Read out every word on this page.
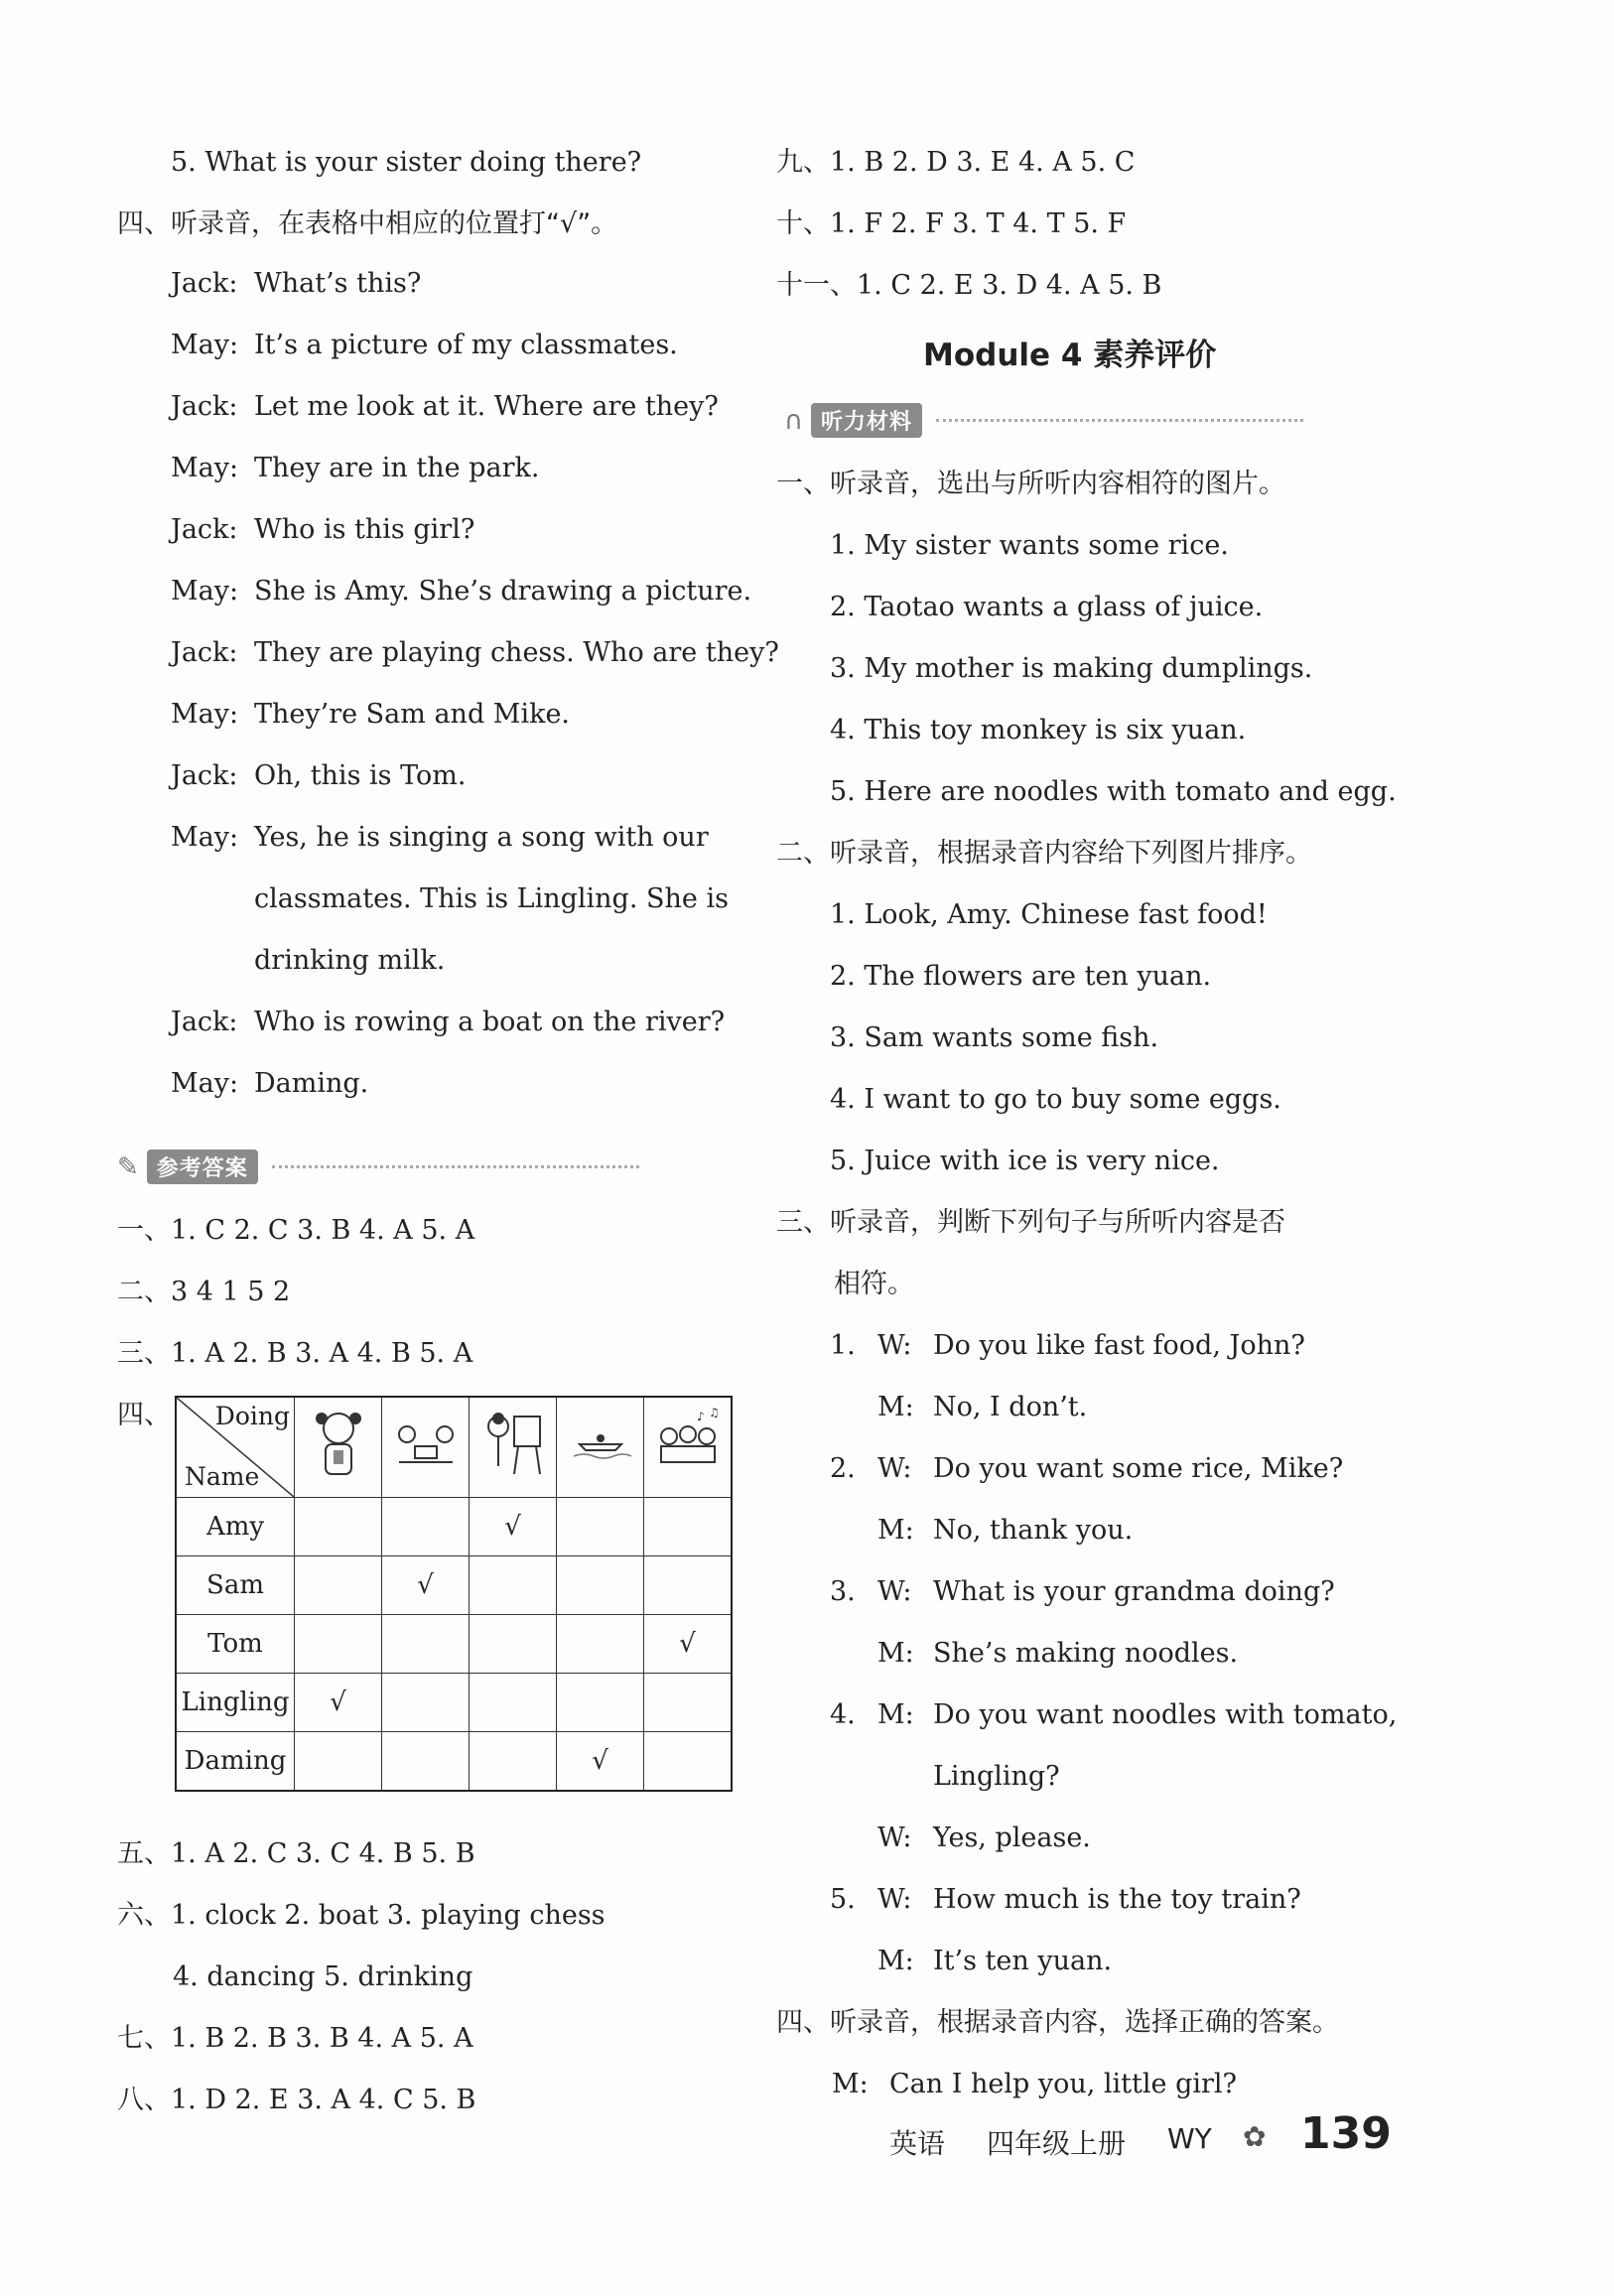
5. What is your sister doing there?
四、听录音，在表格中相应的位置打“√”。
Jack: What’s this?
May: It’s a picture of my classmates.
Jack: Let me look at it. Where are they?
May: They are in the park.
Jack: Who is this girl?
May: She is Amy. She’s drawing a picture.
Jack: They are playing chess. Who are they?
May: They’re Sam and Mike.
Jack: Oh, this is Tom.
May: Yes, he is singing a song with our
classmates. This is Lingling. She is
drinking milk.
Jack: Who is rowing a boat on the river?
May: Daming.
✎ 参考答案
一、1. C 2. C 3. B 4. A 5. A
二、3 4 1 5 2
三、1. A 2. B 3. A 4. B 5. A
四、 Doing
Name					♪ ♫

Amy			√		
Sam		√			
Tom					√
Lingling	√				
Daming				√	
五、1. A 2. C 3. C 4. B 5. B
六、1. clock 2. boat 3. playing chess
4. dancing 5. drinking
七、1. B 2. B 3. B 4. A 5. A
八、1. D 2. E 3. A 4. C 5. B
九、1. B 2. D 3. E 4. A 5. C
十、1. F 2. F 3. T 4. T 5. F
十一、1. C 2. E 3. D 4. A 5. B
Module 4 素养评价
∩ 听力材料
一、听录音，选出与所听内容相符的图片。
1. My sister wants some rice.
2. Taotao wants a glass of juice.
3. My mother is making dumplings.
4. This toy monkey is six yuan.
5. Here are noodles with tomato and egg.
二、听录音，根据录音内容给下列图片排序。
1. Look, Amy. Chinese fast food!
2. The flowers are ten yuan.
3. Sam wants some fish.
4. I want to go to buy some eggs.
5. Juice with ice is very nice.
三、听录音，判断下列句子与所听内容是否
相符。
1. W: Do you like fast food, John?
M: No, I don’t.
2. W: Do you want some rice, Mike?
M: No, thank you.
3. W: What is your grandma doing?
M: She’s making noodles.
4. M: Do you want noodles with tomato,
Lingling?
W: Yes, please.
5. W: How much is the toy train?
M: It’s ten yuan.
四、听录音，根据录音内容，选择正确的答案。
M: Can I help you, little girl?
英语 四年级上册 WY ✿ 139
